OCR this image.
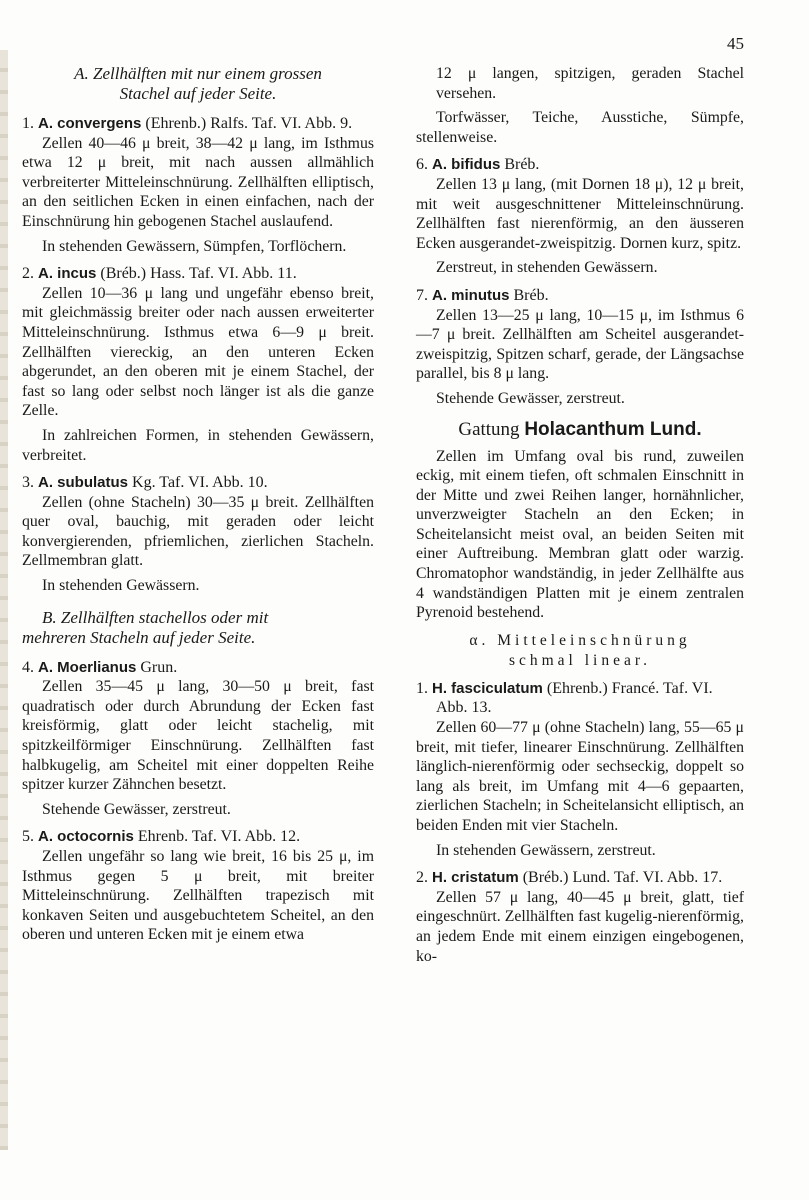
45
A. Zellhälften mit nur einem grossen
Stachel auf jeder Seite.
1. A. convergens (Ehrenb.) Ralfs. Taf. VI. Abb. 9.
Zellen 40—46 μ breit, 38—42 μ lang, im Isthmus etwa 12 μ breit, mit nach aussen allmählich verbreiterter Mitteleinschnürung. Zellhälften elliptisch, an den seitlichen Ecken in einen einfachen, nach der Einschnürung hin gebogenen Stachel auslaufend.
In stehenden Gewässern, Sümpfen, Torflöchern.
2. A. incus (Bréb.) Hass. Taf. VI. Abb. 11.
Zellen 10—36 μ lang und ungefähr ebenso breit, mit gleichmässig breiter oder nach aussen erweiterter Mitteleinschnürung. Isthmus etwa 6—9 μ breit. Zellhälften viereckig, an den unteren Ecken abgerundet, an den oberen mit je einem Stachel, der fast so lang oder selbst noch länger ist als die ganze Zelle.
In zahlreichen Formen, in stehenden Gewässern, verbreitet.
3. A. subulatus Kg. Taf. VI. Abb. 10.
Zellen (ohne Stacheln) 30—35 μ breit. Zellhälften quer oval, bauchig, mit geraden oder leicht konvergierenden, pfriemlichen, zierlichen Stacheln. Zellmembran glatt.
In stehenden Gewässern.
B. Zellhälften stachellos oder mit
mehreren Stacheln auf jeder Seite.
4. A. Moerlianus Grun.
Zellen 35—45 μ lang, 30—50 μ breit, fast quadratisch oder durch Abrundung der Ecken fast kreisförmig, glatt oder leicht stachelig, mit spitzkeilförmiger Einschnürung. Zellhälften fast halbkugelig, am Scheitel mit einer doppelten Reihe spitzer kurzer Zähnchen besetzt.
Stehende Gewässer, zerstreut.
5. A. octocornis Ehrenb. Taf. VI. Abb. 12.
Zellen ungefähr so lang wie breit, 16 bis 25 μ, im Isthmus gegen 5 μ breit, mit breiter Mitteleinschnürung. Zellhälften trapezisch mit konkaven Seiten und ausgebuchtetem Scheitel, an den oberen und unteren Ecken mit je einem etwa
12 μ langen, spitzigen, geraden Stachel versehen.
Torfwässer, Teiche, Ausstiche, Sümpfe, stellenweise.
6. A. bifidus Bréb.
Zellen 13 μ lang, (mit Dornen 18 μ), 12 μ breit, mit weit ausgeschnittener Mitteleinschnürung. Zellhälften fast nierenförmig, an den äusseren Ecken ausgerandet-zweispitzig. Dornen kurz, spitz.
Zerstreut, in stehenden Gewässern.
7. A. minutus Bréb.
Zellen 13—25 μ lang, 10—15 μ, im Isthmus 6—7 μ breit. Zellhälften am Scheitel ausgerandet-zweispitzig, Spitzen scharf, gerade, der Längsachse parallel, bis 8 μ lang.
Stehende Gewässer, zerstreut.
Gattung Holacanthum Lund.
Zellen im Umfang oval bis rund, zuweilen eckig, mit einem tiefen, oft schmalen Einschnitt in der Mitte und zwei Reihen langer, hornähnlicher, unverzweigter Stacheln an den Ecken; in Scheitelansicht meist oval, an beiden Seiten mit einer Auftreibung. Membran glatt oder warzig. Chromatophor wandständig, in jeder Zellhälfte aus 4 wandständigen Platten mit je einem zentralen Pyrenoid bestehend.
α. Mitteleinschnürung
schmal linear.
1. H. fasciculatum (Ehrenb.) Francé. Taf. VI. Abb. 13.
Zellen 60—77 μ (ohne Stacheln) lang, 55—65 μ breit, mit tiefer, linearer Einschnürung. Zellhälften länglich-nierenförmig oder sechseckig, doppelt so lang als breit, im Umfang mit 4—6 gepaarten, zierlichen Stacheln; in Scheitelansicht elliptisch, an beiden Enden mit vier Stacheln.
In stehenden Gewässern, zerstreut.
2. H. cristatum (Bréb.) Lund. Taf. VI. Abb. 17.
Zellen 57 μ lang, 40—45 μ breit, glatt, tief eingeschnürt. Zellhälften fast kugelig-nierenförmig, an jedem Ende mit einem einzigen eingebogenen, ko-
